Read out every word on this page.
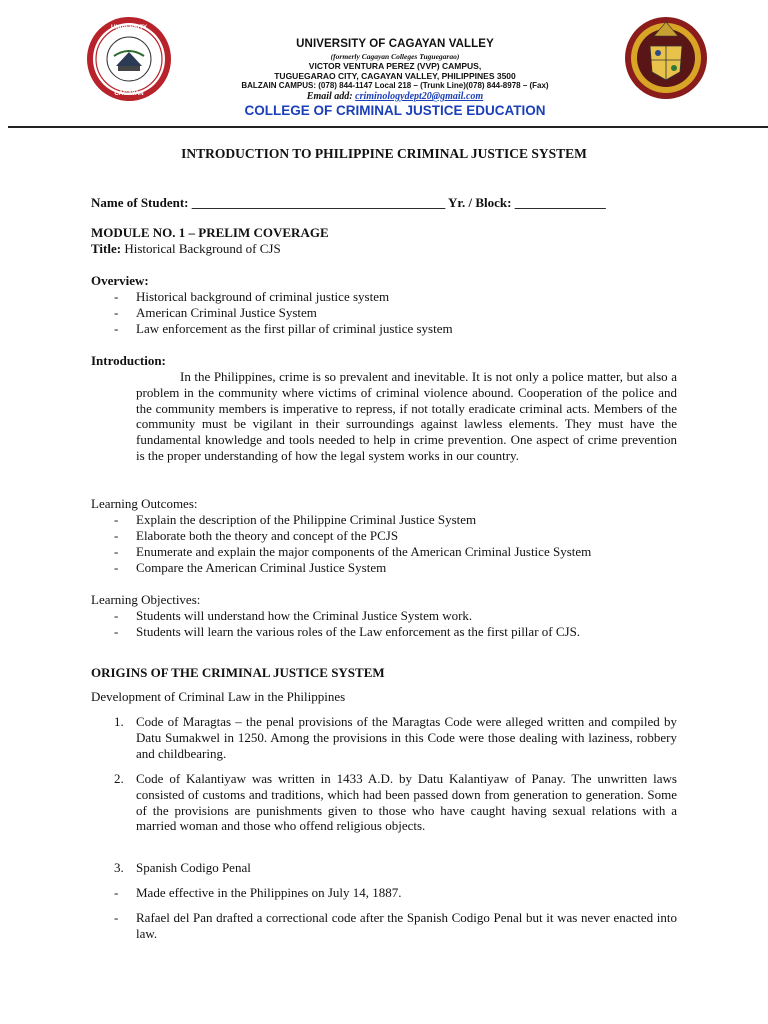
UNIVERSITY
CAGAYAN
UNIVERSITY OF CAGAYAN VALLEY
(formerly Cagayan Colleges Tuguegarao)
VICTOR VENTURA PEREZ (VVP) CAMPUS,
TUGUEGARAO CITY, CAGAYAN VALLEY, PHILIPPINES 3500
BALZAIN CAMPUS: (078) 844-1147 Local 218 – (Trunk Line)(078) 844-8978 – (Fax)
Email add: criminologydept20@gmail.com
COLLEGE OF CRIMINAL JUSTICE EDUCATION
INTRODUCTION TO PHILIPPINE CRIMINAL JUSTICE SYSTEM
Name of Student: _______________________________________ Yr. / Block: ______________
MODULE NO. 1 – PRELIM COVERAGE
Title: Historical Background of CJS
Overview:
- Historical background of criminal justice system
- American Criminal Justice System
- Law enforcement as the first pillar of criminal justice system
Introduction:
In the Philippines, crime is so prevalent and inevitable. It is not only a police matter, but also a problem in the community where victims of criminal violence abound. Cooperation of the police and the community members is imperative to repress, if not totally eradicate criminal acts. Members of the community must be vigilant in their surroundings against lawless elements. They must have the fundamental knowledge and tools needed to help in crime prevention. One aspect of crime prevention is the proper understanding of how the legal system works in our country.
Learning Outcomes:
- Explain the description of the Philippine Criminal Justice System
- Elaborate both the theory and concept of the PCJS
- Enumerate and explain the major components of the American Criminal Justice System
- Compare the American Criminal Justice System
Learning Objectives:
- Students will understand how the Criminal Justice System work.
- Students will learn the various roles of the Law enforcement as the first pillar of CJS.
ORIGINS OF THE CRIMINAL JUSTICE SYSTEM
Development of Criminal Law in the Philippines
1. Code of Maragtas – the penal provisions of the Maragtas Code were alleged written and compiled by Datu Sumakwel in 1250. Among the provisions in this Code were those dealing with laziness, robbery and childbearing.
2. Code of Kalantiyaw was written in 1433 A.D. by Datu Kalantiyaw of Panay. The unwritten laws consisted of customs and traditions, which had been passed down from generation to generation. Some of the provisions are punishments given to those who have caught having sexual relations with a married woman and those who offend religious objects.
3. Spanish Codigo Penal
- Made effective in the Philippines on July 14, 1887.
- Rafael del Pan drafted a correctional code after the Spanish Codigo Penal but it was never enacted into law.
